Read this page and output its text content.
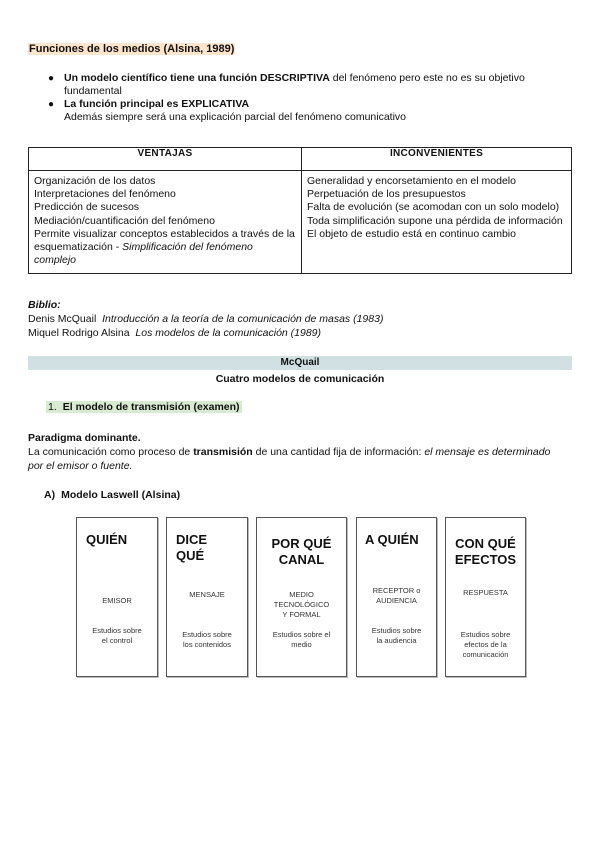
Funciones de los medios (Alsina, 1989)
● Un modelo científico tiene una función DESCRIPTIVA del fenómeno pero este no es su objetivo fundamental
● La función principal es EXPLICATIVA
Además siempre será una explicación parcial del fenómeno comunicativo
VENTAJAS	INCONVENIENTES

Organización de los datos
Interpretaciones del fenómeno
Predicción de sucesos
Mediación/cuantificación del fenómeno
Permite visualizar conceptos establecidos a través de la esquematización - Simplificación del fenómeno complejo

Generalidad y encorsetamiento en el modelo
Perpetuación de los presupuestos
Falta de evolución (se acomodan con un solo modelo)
Toda simplificación supone una pérdida de información
El objeto de estudio está en continuo cambio
Biblio:
Denis McQuail Introducción a la teoría de la comunicación de masas (1983)
Miquel Rodrigo Alsina Los modelos de la comunicación (1989)
McQuail
Cuatro modelos de comunicación
1. El modelo de transmisión (examen)
Paradigma dominante.
La comunicación como proceso de transmisión de una cantidad fija de información: el mensaje es determinado por el emisor o fuente.
A) Modelo Laswell (Alsina)
QUIÉN
EMISOR
Estudios sobre
el control
DICE
QUÉ
MENSAJE
Estudios sobre
los contenidos
POR QUÉ
CANAL
MEDIO
TECNOLÓGICO
Y FORMAL
Estudios sobre el
medio
A QUIÉN
RECEPTOR o
AUDIENCIA
Estudios sobre
la audiencia
CON QUÉ
EFECTOS
RESPUESTA
Estudios sobre
efectos de la
comunicación
